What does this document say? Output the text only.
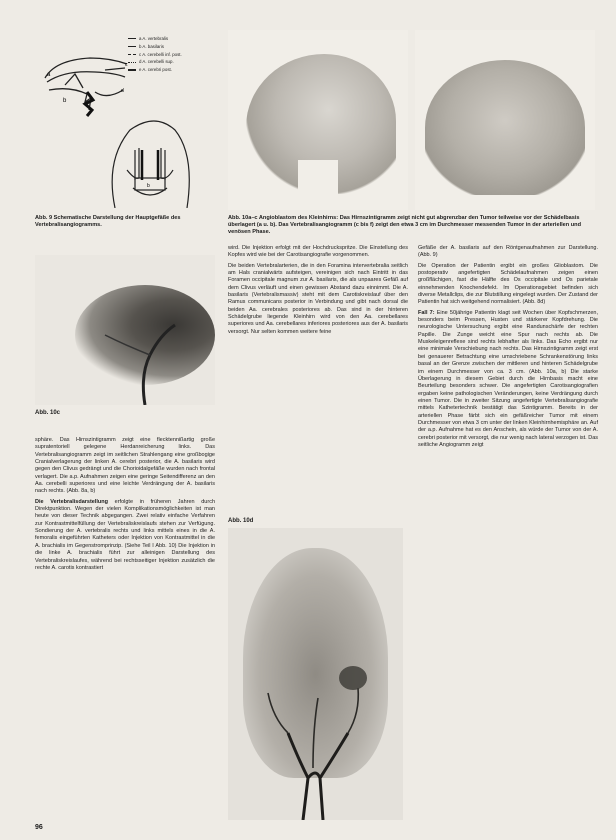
a
b
c
d
b
a A. vertebralis
b A. basilaris
c A. cerebelli inf. post.
d A. cerebelli sup.
e A. cerebri post.
Abb. 9 Schematische Darstellung der Hauptgefäße des Vertebralisangiogramms.
Abb. 10a–c Angioblastom des Kleinhirns: Das Hirnszintigramm zeigt nicht gut abgrenzbar den Tumor teilweise vor der Schädelbasis überlagert (a u. b). Das Vertebralisangiogramm (c bis f) zeigt den etwa 3 cm im Durchmesser messenden Tumor in der arteriellen und venösen Phase.
Abb. 10c
Abb. 10d

sphäre. Das Hirnszintigramm zeigt eine flecktennißartig große supratentoriell gelegene Herdanreicherung links. Das Vertebralisangiogramm zeigt im seitlichen Strahlengang eine großbogige Cranialverlagerung der linken A. cerebri posterior, die A. basilaris wird gegen den Clivus gedrängt und die Chorioidalgefäße wurden nach frontal verlagert. Die a.p. Aufnahmen zeigen eine geringe Seitendifferenz an den Aa. cerebelli superiores und eine leichte Verdrängung der A. basilaris nach rechts. (Abb. 8a, b)

Die Vertebralisdarstellung erfolgte in früheren Jahren durch Direktpunktion. Wegen der vielen Komplikationsmöglichkeiten ist man heute von dieser Technik abgegangen. Zwei relativ einfache Verfahren zur Kontrastmittelfüllung der Vertebraliskreislaufs stehen zur Verfügung. Sondierung der A. vertebralis rechts und links mittels eines in die A. femoralis eingeführten Katheters oder Injektion von Kontrastmittel in die A. brachialis im Gegenstromprinzip. (Siehe Teil I Abb. 10) Die Injektion in die linke A. brachialis führt zur alleinigen Darstellung des Vertebraliskreislaufes, während bei rechtsseitiger Injektion zusätzlich die rechte A. carotis kontrastiert

wird. Die Injektion erfolgt mit der Hochdruckspritze. Die Einstellung des Kopfes wird wie bei der Carotisangiografie vorgenommen.

Die beiden Vertebralarterien, die in den Foramina intervertebralia seitlich am Hals cranialwärts aufsteigen, vereinigen sich nach Eintritt in das Foramen occipitale magnum zur A. basilaris, die als unpaares Gefäß auf dem Clivus verläuft und einen gewissen Abstand dazu einnimmt. Die A. basilaris (Vertebralismassiv) steht mit dem Carotiskreislauf über den Ramus communicans posterior in Verbindung und gibt nach dorsal die beiden Aa. cerebrales posteriores ab. Das sind in der hinteren Schädelgrube liegende Kleinhirn wird von den Aa. cerebellares superiores und Aa. cerebellares inferiores posteriores aus der A. basilaris versorgt. Nur selten kommen weitere feine

Gefäße der A. basilaris auf den Röntgenaufnahmen zur Darstellung. (Abb. 9)

Die Operation der Patientin ergibt ein großes Glioblastom. Die postoperativ angefertigten Schädelaufnahmen zeigen einen großflächigen, fast die Hälfte des Os occipitale und Os parietale einnehmenden Knochendefekt. Im Operationsgebiet befinden sich diverse Metallclips, die zur Blutstillung eingelegt wurden. Der Zustand der Patientin hat sich weitgehend normalisiert. (Abb. 8d)

Fall 7: Eine 50jährige Patientin klagt seit Wochen über Kopfschmerzen, besonders beim Pressen, Husten und stärkerer Kopfdrehung. Die neurologische Untersuchung ergibt eine Randunschärfe der rechten Papille. Die Zunge weicht eine Spur nach rechts ab. Die Muskeleigenreflexe sind rechts lebhafter als links. Das Echo ergibt nur eine minimale Verschiebung nach rechts. Das Hirnszintigramm zeigt erst bei genauerer Betrachtung eine umschriebene Schrankenstörung links basal an der Grenze zwischen der mittleren und hinteren Schädelgrube im einem Durchmesser von ca. 3 cm. (Abb. 10a, b) Die starke Überlagerung in diesem Gebiet durch die Hirnbasis macht eine Beurteilung besonders schwer. Die angefertigten Carotisangiografien ergaben keine pathologischen Veränderungen, keine Verdrängung durch einen Tumor. Die in zweiter Sitzung angefertigte Vertebralisangiografie mittels Kathetertechnik bestätigt das Szintigramm. Bereits in der arteriellen Phase färbt sich ein gefäßreicher Tumor mit einem Durchmesser von etwa 3 cm unter der linken Kleinhirnhemisphäre an. Auf der a.p. Aufnahme hat es den Anschein, als würde der Tumor von der A. cerebri posterior mit versorgt, die nur wenig nach lateral verzogen ist. Das seitliche Angiogramm zeigt

96
